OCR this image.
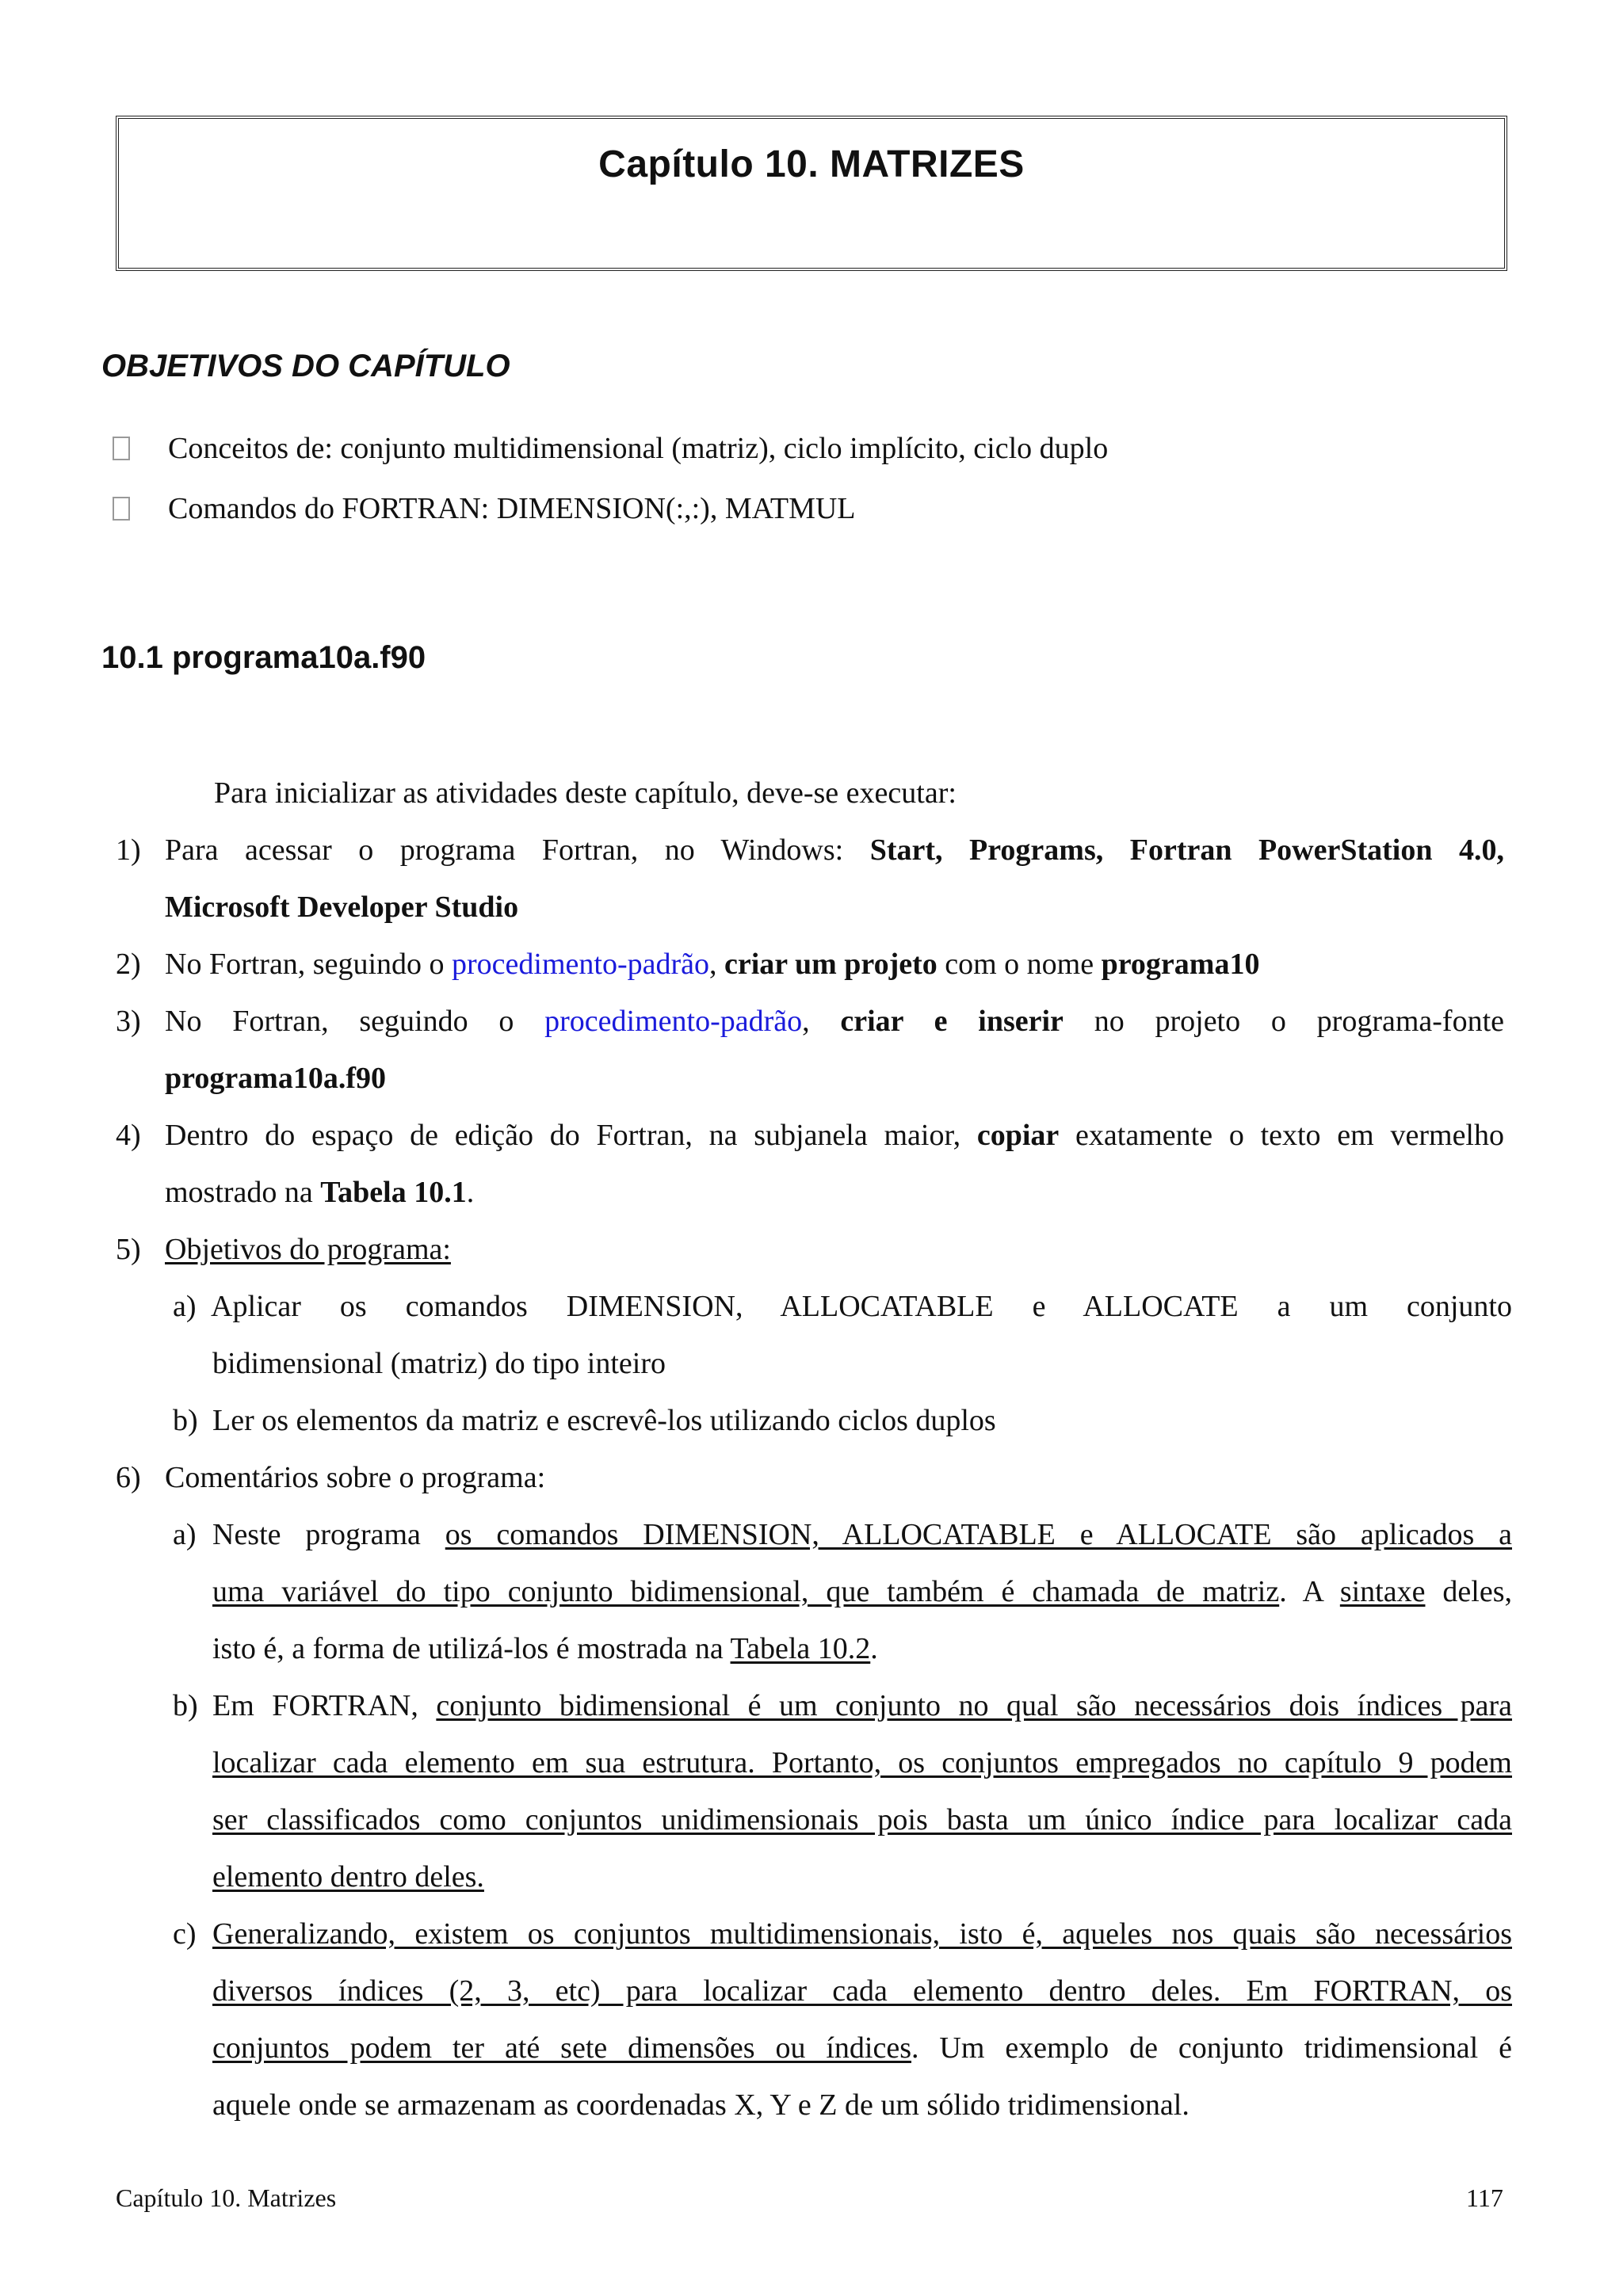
Capítulo 10. MATRIZES
OBJETIVOS DO CAPÍTULO
Conceitos de: conjunto multidimensional (matriz), ciclo implícito, ciclo duplo
Comandos do FORTRAN: DIMENSION(:,:), MATMUL
10.1 programa10a.f90
Para inicializar as atividades deste capítulo, deve-se executar:
1) Para acessar o programa Fortran, no Windows: Start, Programs, Fortran PowerStation 4.0,
Microsoft Developer Studio
2) No Fortran, seguindo o procedimento-padrão, criar um projeto com o nome programa10
3) No Fortran, seguindo o procedimento-padrão, criar e inserir no projeto o programa-fonte
programa10a.f90
4) Dentro do espaço de edição do Fortran, na subjanela maior, copiar exatamente o texto em vermelho
mostrado na Tabela 10.1.
5) Objetivos do programa:
a) Aplicar os comandos DIMENSION, ALLOCATABLE e ALLOCATE a um conjunto
bidimensional (matriz) do tipo inteiro
b) Ler os elementos da matriz e escrevê-los utilizando ciclos duplos
6) Comentários sobre o programa:
a) Neste programa os comandos DIMENSION, ALLOCATABLE e ALLOCATE são aplicados a
uma variável do tipo conjunto bidimensional, que também é chamada de matriz. A sintaxe deles,
isto é, a forma de utilizá-los é mostrada na Tabela 10.2.
b) Em FORTRAN, conjunto bidimensional é um conjunto no qual são necessários dois índices para
localizar cada elemento em sua estrutura. Portanto, os conjuntos empregados no capítulo 9 podem
ser classificados como conjuntos unidimensionais pois basta um único índice para localizar cada
elemento dentro deles.
c) Generalizando, existem os conjuntos multidimensionais, isto é, aqueles nos quais são necessários
diversos índices (2, 3, etc) para localizar cada elemento dentro deles. Em FORTRAN, os
conjuntos podem ter até sete dimensões ou índices. Um exemplo de conjunto tridimensional é
aquele onde se armazenam as coordenadas X, Y e Z de um sólido tridimensional.
Capítulo 10. Matrizes	117
